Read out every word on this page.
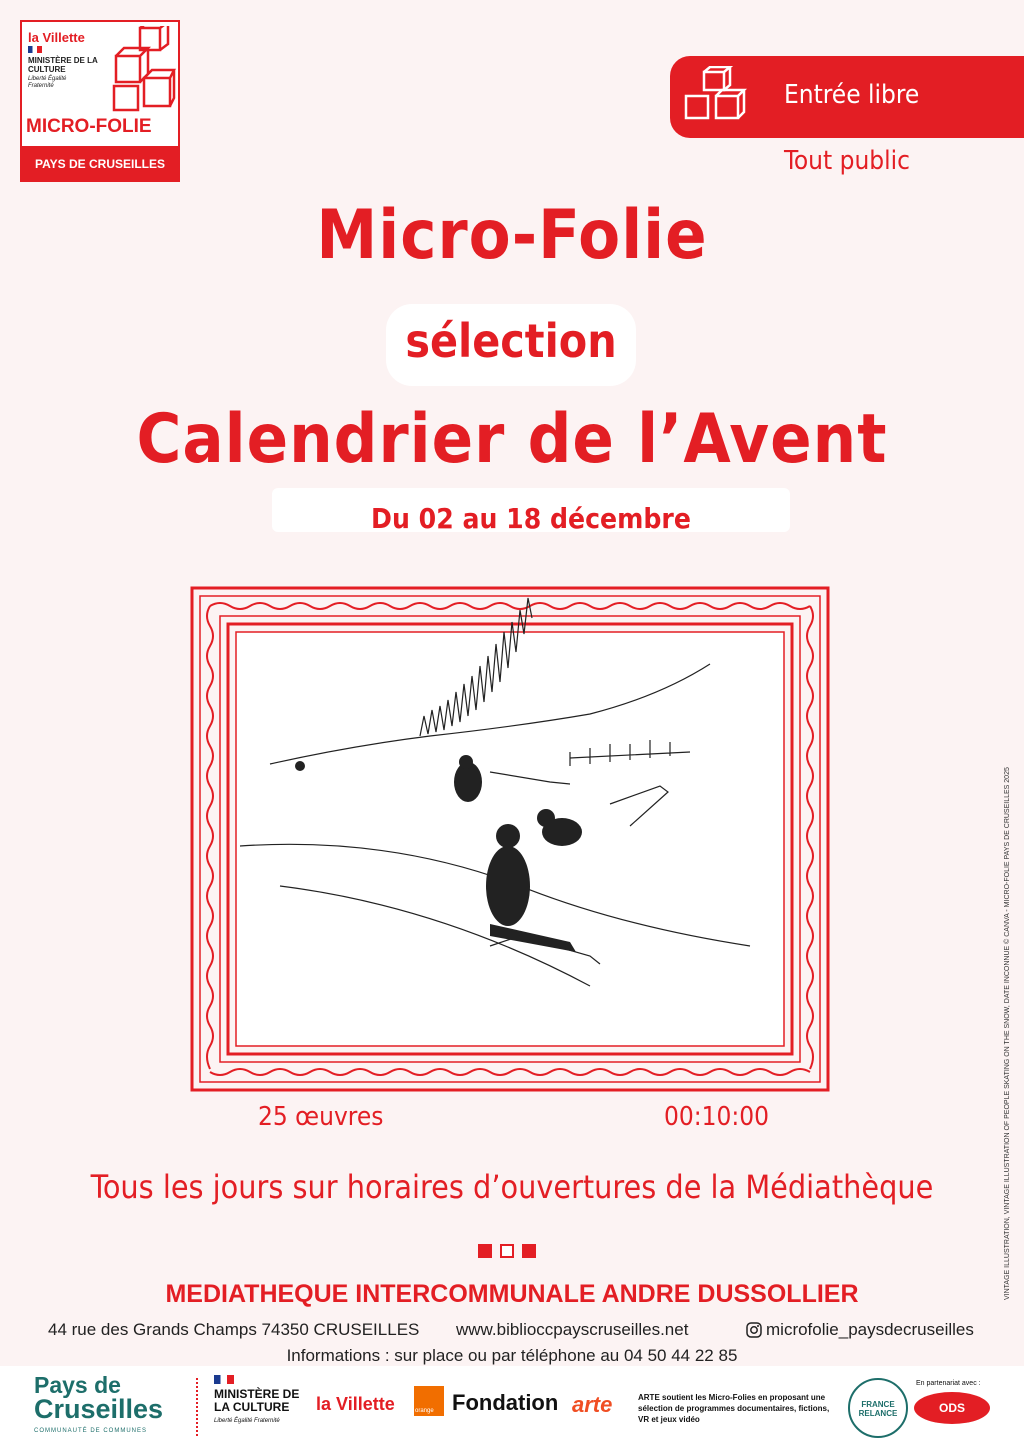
la Villette
MINISTÈRE DE LA CULTURE
Liberté Égalité Fraternité
MICRO-FOLIE
PAYS DE CRUSEILLES
Entrée libre
Tout public
Micro-Folie
sélection
Calendrier de l’Avent
Du 02 au 18 décembre
25 œuvres	00:10:00
Tous les jours sur horaires d’ouvertures de la Médiathèque
MEDIATHEQUE INTERCOMMUNALE ANDRE DUSSOLLIER
44 rue des Grands Champs 74350 CRUSEILLES www.biblioccpayscruseilles.net	microfolie_paysdecruseilles
Informations : sur place ou par téléphone au 04 50 44 22 85
VINTAGE ILLUSTRATION, VINTAGE ILLUSTRATION OF PEOPLE SKATING ON THE SNOW, DATE INCONNUE © CANVA - MICRO-FOLIE PAYS DE CRUSEILLES 2025
Pays de
Cruseilles
COMMUNAUTÉ DE COMMUNES
MINISTÈRE DE LA CULTURE
Liberté Égalité Fraternité
la Villette	orange Fondation arte	ARTE soutient les Micro-Folies en proposant une sélection de programmes documentaires, fictions, VR et jeux vidéo
FRANCE RELANCE
En partenariat avec :
ODS
